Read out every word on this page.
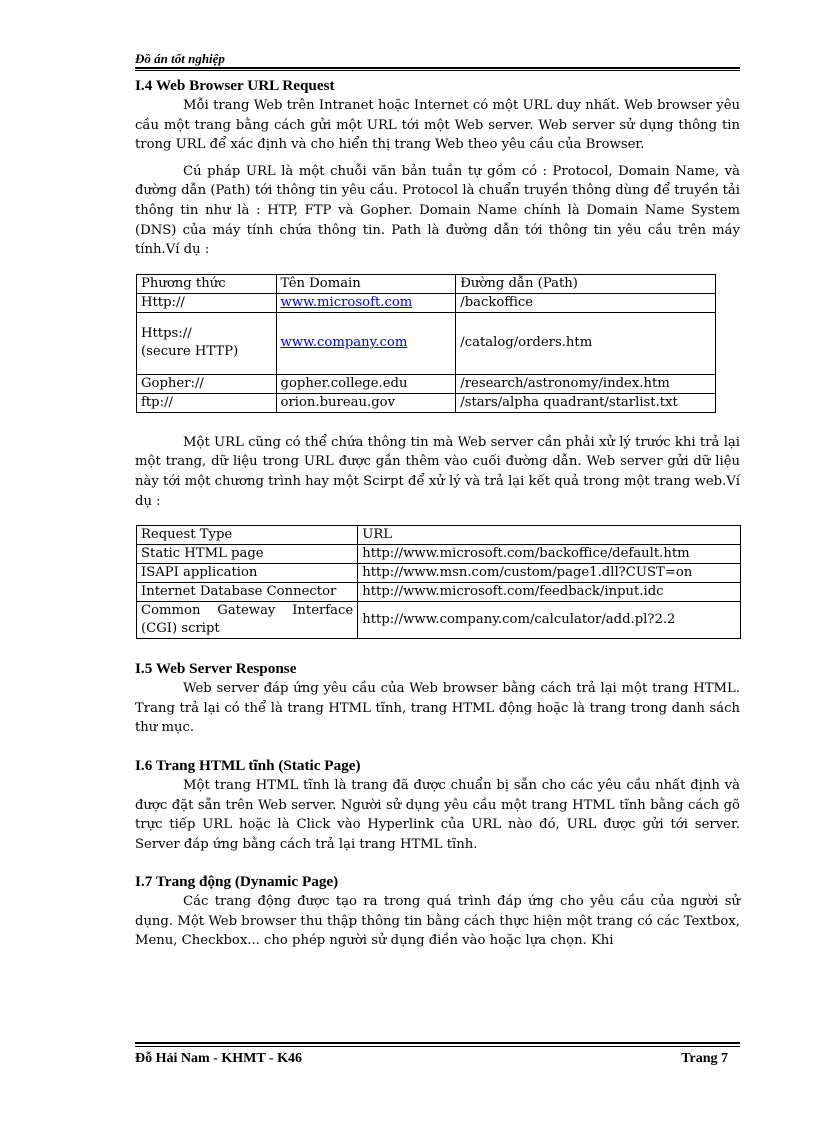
Đồ án tốt nghiệp
I.4 Web Browser URL Request

Mỗi trang Web trên Intranet hoặc Internet có một URL duy nhất. Web browser yêu cầu một trang bằng cách gửi một URL tới một Web server. Web server sử dụng thông tin trong URL để xác định và cho hiển thị trang Web theo yêu cầu của Browser.

Cú pháp URL là một chuỗi văn bản tuần tự gồm có : Protocol, Domain Name, và đường dẫn (Path) tới thông tin yêu cầu. Protocol là chuẩn truyền thông dùng để truyền tải thông tin như là : HTP, FTP và Gopher. Domain Name chính là Domain Name System (DNS) của máy tính chứa thông tin. Path là đường dẫn tới thông tin yêu cầu trên máy tính.Ví dụ :

Phương thức	Tên Domain	Đường dẫn (Path)
Http://	www.microsoft.com	/backoffice
Https://
(secure HTTP)	www.company.com	/catalog/orders.htm
Gopher://	gopher.college.edu	/research/astronomy/index.htm
ftp://	orion.bureau.gov	/stars/alpha quadrant/starlist.txt

Một URL cũng có thể chứa thông tin mà Web server cần phải xử lý trước khi trả lại một trang, dữ liệu trong URL được gắn thêm vào cuối đường dẫn. Web server gửi dữ liệu này tới một chương trình hay một Scirpt để xử lý và trả lại kết quả trong một trang web.Ví dụ :

Request Type	URL
Static HTML page	http://www.microsoft.com/backoffice/default.htm
ISAPI application	http://www.msn.com/custom/page1.dll?CUST=on
Internet Database Connector	http://www.microsoft.com/feedback/input.idc
Common Gateway Interface (CGI) script	http://www.company.com/calculator/add.pl?2.2
I.5 Web Server Response

Web server đáp ứng yêu cầu của Web browser bằng cách trả lại một trang HTML. Trang trả lại có thể là trang HTML tĩnh, trang HTML động hoặc là trang trong danh sách thư mục.

I.6 Trang HTML tĩnh (Static Page)

Một trang HTML tĩnh là trang đã được chuẩn bị sẵn cho các yêu cầu nhất định và được đặt sẵn trên Web server. Người sử dụng yêu cầu một trang HTML tĩnh bằng cách gõ trực tiếp URL hoặc là Click vào Hyperlink của URL nào đó, URL được gửi tới server. Server đáp ứng bằng cách trả lại trang HTML tĩnh.

I.7 Trang động (Dynamic Page)

Các trang động được tạo ra trong quá trình đáp ứng cho yêu cầu của người sử dụng. Một Web browser thu thập thông tin bằng cách thực hiện một trang có các Textbox, Menu, Checkbox... cho phép người sử dụng điền vào hoặc lựa chọn. Khi

Đỗ Hải Nam - KHMT - K46	Trang 7
